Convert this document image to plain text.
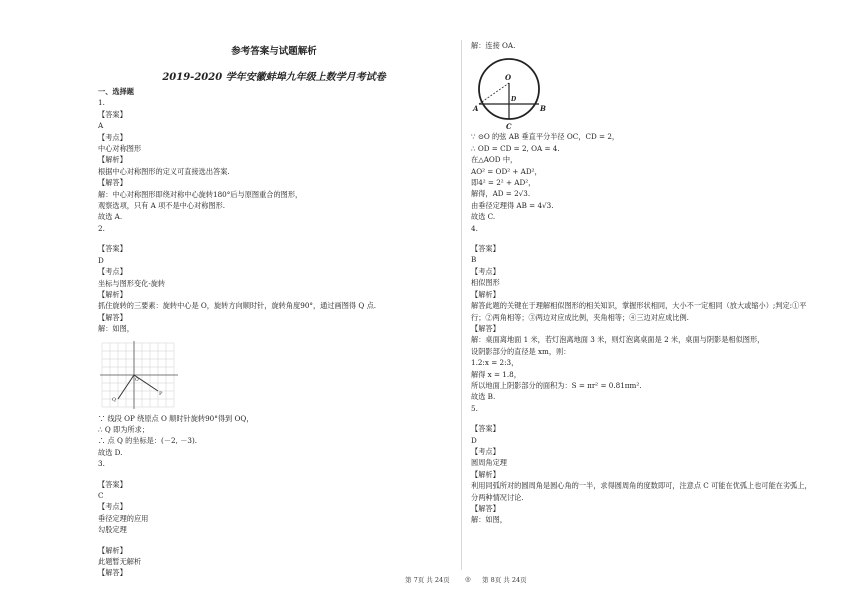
参考答案与试题解析
2019-2020 学年安徽蚌埠九年级上数学月考试卷
一、选择题
1.
【答案】
A
【考点】
中心对称图形
【解析】
根据中心对称图形的定义可直接选出答案.
【解答】
解：中心对称图形即绕对称中心旋转180°后与原图重合的图形，
观察选项，只有 A 项不是中心对称图形.
故选 A.
2.
【答案】
D
【考点】
坐标与图形变化-旋转
【解析】
抓住旋转的三要素：旋转中心是 O，旋转方向顺时针，旋转角度90°，通过画图得 Q 点.
【解答】
解：如图，
Q
P
O
∵ 线段 OP 绕原点 O 顺时针旋转90°得到 OQ，
∴ Q 即为所求；
∴ 点 Q 的坐标是：(－2, －3).
故选 D.
3.
【答案】
C
【考点】
垂径定理的应用
勾股定理
【解析】
此题暂无解析
【解答】
解：连接 OA.
O
A	B
C
D
∵ ⊙O 的弦 AB 垂直平分半径 OC，CD = 2，
∴ OD = CD = 2, OA = 4.
在△AOD 中，
AO² = OD² + AD²，
即4² = 2² + AD²，
解得，AD = 2√3.
由垂径定理得 AB = 4√3.
故选 C.
4.
【答案】
B
【考点】
相似图形
【解析】
解答此题的关键在于理解相似图形的相关知识，掌握形状相同，大小不一定相同（放大或缩小）;判定:①平
行；②两角相等；③两边对应成比例，夹角相等；④三边对应成比例.
【解答】
解：桌面离地面 1 米，若灯泡离地面 3 米，则灯泡离桌面是 2 米，桌面与阴影是相似图形，
设阴影部分的直径是 xm，则：
1.2:x = 2:3，
解得 x = 1.8，
所以地面上阴影部分的面积为：S = πr² = 0.81πm².
故选 B.
5.
【答案】
D
【考点】
圆周角定理
【解析】
利用同弧所对的圆周角是圆心角的一半，求得圆周角的度数即可，注意点 C 可能在优弧上也可能在劣弧上，
分两种情况讨论.
【解答】
解：如图，
第 7页 共 24页 ◎ 第 8页 共 24页
